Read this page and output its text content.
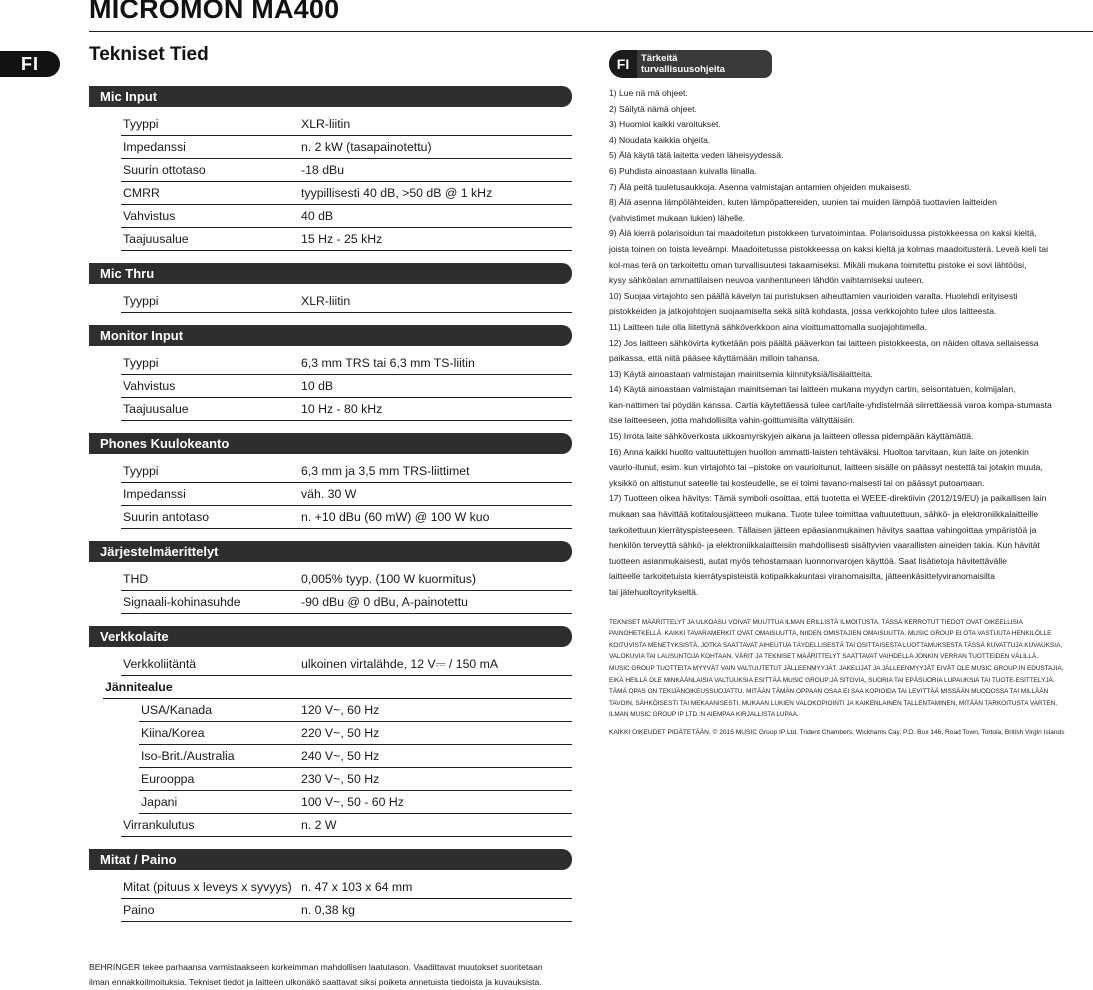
MICROMON MA400
FI	Tekniset Tied
Mic Input
Tyyppi	XLR-liitin
Impedanssi	n. 2 kW (tasapainotettu)
Suurin ottotaso	-18 dBu
CMRR	tyypillisesti 40 dB, >50 dB @ 1 kHz
Vahvistus	40 dB
Taajuusalue	15 Hz - 25 kHz
Mic Thru
Tyyppi	XLR-liitin
Monitor Input
Tyyppi	6,3 mm TRS tai 6,3 mm TS-liitin
Vahvistus	10 dB
Taajuusalue	10 Hz - 80 kHz
Phones Kuulokeanto
Tyyppi	6,3 mm ja 3,5 mm TRS-liittimet
Impedanssi	väh. 30 W
Suurin antotaso	n. +10 dBu (60 mW) @ 100 W kuo
Järjestelmäerittelyt
THD	0,005% tyyp. (100 W kuormitus)
Signaali-kohinasuhde	-90 dBu @ 0 dBu, A-painotettu
Verkkolaite
Verkkoliitäntä	ulkoinen virtalähde, 12 V⎓ / 150 mA
Jännitealue
USA/Kanada	120 V~, 60 Hz
Kiina/Korea	220 V~, 50 Hz
Iso-Brit./Australia	240 V~, 50 Hz
Eurooppa	230 V~, 50 Hz
Japani	100 V~, 50 - 60 Hz
Virrankulutus	n. 2 W
Mitat / Paino
Mitat (pituus x leveys x syvyys) n. 47 x 103 x 64 mm
Paino	n. 0,38 kg
BEHRINGER tekee parhaansa varmistaakseen korkeimman mahdollisen laatutason. Vaadittavat muutokset suoritetaan
ilman ennakkoilmoituksia. Tekniset tiedot ja laitteen ulkonäkö saattavat siksi poiketa annetuista tiedoista ja kuvauksista.
FI	Tärkeitä
turvallisuusohjeita

1) Lue nä mä ohjeet.

2) Säilytä nämä ohjeet.

3) Huomioi kaikki varoitukset.

4) Noudata kaikkia ohjeita.

5) Älä käytä tätä laitetta veden läheisyydessä.

6) Puhdista ainoastaan kuivalla liinalla.

7) Älä peitä tuuletusaukkoja. Asenna valmistajan antamien ohjeiden mukaisesti.

8) Älä asenna lämpölähteiden, kuten lämpöpattereiden, uunien tai muiden lämpöä tuottavien laitteiden

(vahvistimet mukaan lukien) lähelle.

9) Älä kierrä polarisoidun tai maadoitetun pistokkeen turvatoimintaa. Polarisoidussa pistokkeessa on kaksi kieltä,

joista toinen on toista leveämpi. Maadoitetussa pistokkeessa on kaksi kieltä ja kolmas maadoitusterä. Leveä kieli tai

kol-mas terä on tarkoitettu oman turvallisuutesi takaamiseksi. Mikäli mukana toimitettu pistoke ei sovi lähtöösi,

kysy sähköalan ammattilaisen neuvoa vanhentuneen lähdön vaihtamiseksi uuteen.

10) Suojaa virtajohto sen päällä kävelyn tai puristuksen aiheuttamien vaurioiden varalta. Huolehdi erityisesti

pistokkeiden ja jatkojohtojen suojaamiselta sekä siitä kohdasta, jossa verkkojohto tulee ulos laitteesta.

11) Laitteen tule olla liitettynä sähköverkkoon aina vioittumattomalla suojajohtimella.

12) Jos laitteen sähkövirta kytketään pois päältä pääverkon tai laitteen pistokkeesta, on näiden oltava sellaisessa

paikassa, että niitä pääsee käyttämään milloin tahansa.

13) Käytä ainoastaan valmistajan mainitsemia kiinnityksiä/lisälaitteita.

14) Käytä ainoastaan valmistajan mainitseman tai laitteen mukana myydyn cartin, seisontatuen, kolmijalan,

kan-nattimen tai pöydän kanssa. Cartia käytettäessä tulee cart/laite-yhdistelmää siirrettäessä varoa kompa-stumasta

itse laitteeseen, jotta mahdollisilta vahin-goittumisilta vältyttäisiin.

15) Irrota laite sähköverkosta ukkosmyrskyjen aikana ja laitteen ollessa pidempään käyttämättä.

16) Anna kaikki huolto valtuutettujen huollon ammatti-laisten tehtäväksi. Huoltoa tarvitaan, kun laite on jotenkin

vaurio-itunut, esim. kun virtajohto tai –pistoke on vaurioitunut, laitteen sisälle on päässyt nestettä tai jotakin muuta,

yksikkö on altistunut sateelle tai kosteudelle, se ei toimi tavano-maisesti tai on päässyt putoamaan.

17) Tuotteen oikea hävitys: Tämä symboli osoittaa, että tuotetta ei WEEE-direktiivin (2012/19/EU) ja paikallisen lain

mukaan saa hävittää kotitalousjätteen mukana. Tuote tulee toimittaa valtuutettuun, sähkö- ja elektroniikkalaitteille

tarkoitettuun kierrätyspisteeseen. Tällaisen jätteen epäasianmukainen hävitys saattaa vahingoittaa ympäristöä ja

henkilön terveyttä sähkö- ja elektroniikkalaitteisiin mahdollisesti sisältyvien vaarallisten aineiden takia. Kun hävität

tuotteen asianmukaisesti, autat myös tehostamaan luonnonvarojen käyttöä. Saat lisätietoja hävitettävälle

laitteelle tarkoitetuista kierrätyspisteistä kotipaikkakuntasi viranomaisilta, jätteenkäsittelyviranomaisilta

tai jätehuoltoyritykseltä.

TEKNISET MÄÄRITTELYT JA ULKOASU VOIVAT MUUTTUA ILMAN ERILLISTÄ ILMOITUSTA. TÄSSÄ KERROTUT TIEDOT OVAT OIKEELLISIA

PAINOHETKELLÄ. KAIKKI TAVARAMERKIT OVAT OMAISUUTTA, NIIDEN OMISTAJIEN OMAISUUTTA. MUSIC GROUP EI OTA VASTUUTA HENKILÖLLE

KOITUVISTA MENETYKSISTÄ, JOTKA SAATTAVAT AIHEUTUA TÄYDELLISESTÄ TAI OSITTAISESTA LUOTTAMUKSESTA TÄSSÄ KUVATTUJA KUVAUKSIA,

VALOKUVIA TAI LAUSUNTOJA KOHTAAN. VÄRIT JA TEKNISET MÄÄRITTELYT SAATTAVAT VAIHDELLA JONKIN VERRAN TUOTTEIDEN VÄLILLÄ.

MUSIC GROUP TUOTTEITA MYYVÄT VAIN VALTUUTETUT JÄLLEENMYYJÄT. JAKELIJAT JA JÄLLEENMYYJÄT EIVÄT OLE MUSIC GROUP:IN EDUSTAJIA,

EIKÄ HEILLÄ OLE MINKÄÄNLAISIA VALTUUKSIA ESITTÄÄ MUSIC GROUP:JÄ SITOVIA, SUORIA TAI EPÄSUORIA LUPAUKSIA TAI TUOTE-ESITTELYJÄ.

TÄMÄ OPAS ON TEKIJÄNOIKEUSSUOJATTU. MITÄÄN TÄMÄN OPPAAN OSAA EI SAA KOPIOIDA TAI LEVITTÄÄ MISSÄÄN MUODOSSA TAI MILLÄÄN

TAVOIN, SÄHKÖISESTI TAI MEKAANISESTI, MUKAAN LUKIEN VALOKOPIOINTI JA KAIKENLAINEN TALLENTAMINEN, MITÄÄN TARKOITUSTA VARTEN,

ILMAN MUSIC GROUP IP LTD.:N AIEMPAA KIRJALLISTA LUPAA.

KAIKKI OIKEUDET PIDÄTETÄÄN. © 2015 MUSIC Group IP Ltd. Trident Chambers, Wickhams Cay, P.O. Box 146, Road Town, Tortola, British Virgin Islands
